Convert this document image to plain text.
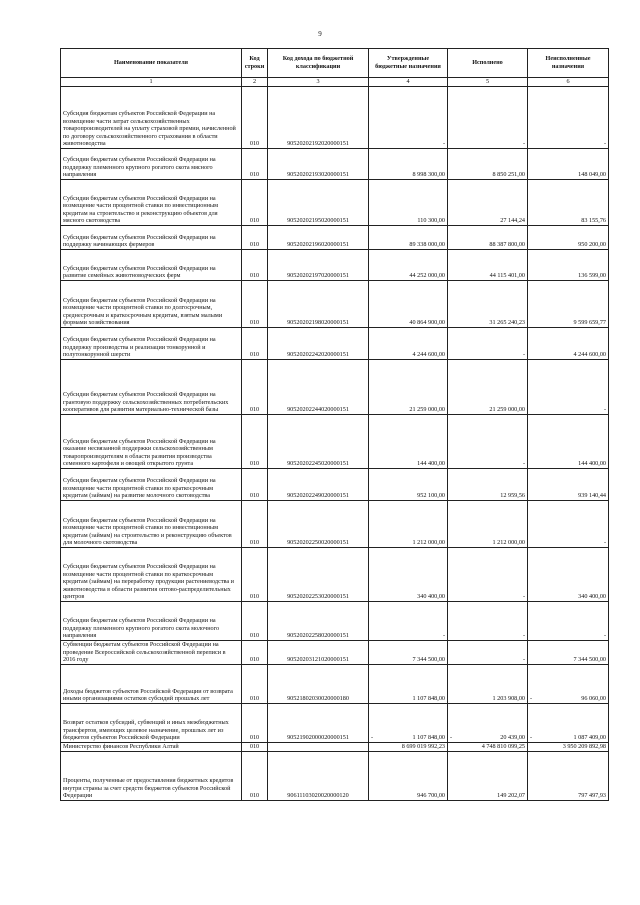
9
Наименование показателя	Код строки	Код дохода по бюджетной классификации	Утвержденные бюджетные назначения	Исполнено	Неисполненные назначения
1	2	3	4	5	6
Субсидия бюджетам субъектов Российской Федерации на возмещение части затрат сельскохозяйственных товаропроизводителей на уплату страховой премии, начисленной по договору сельскохозяйственного страхования в области животноводства	010	90520202192020000151	-	-	-
Субсидии бюджетам субъектов Российской Федерации на поддержку племенного крупного рогатого скота мясного направления	010	90520202193020000151	8 998 300,00	8 850 251,00	148 049,00
Субсидии бюджетам субъектов Российской Федерации на возмещение части процентной ставки по инвестиционным кредитам на строительство и реконструкцию объектов для мясного скотоводства	010	90520202195020000151	110 300,00	27 144,24	83 155,76
Субсидии бюджетам субъектов Российской Федерации на поддержку начинающих фермеров	010	90520202196020000151	89 338 000,00	88 387 800,00	950 200,00
Субсидии бюджетам субъектов Российской Федерации на развитие семейных животноводческих ферм	010	90520202197020000151	44 252 000,00	44 115 401,00	136 599,00
Субсидии бюджетам субъектов Российской Федерации на возмещение части процентной ставки по долгосрочным, среднесрочным и краткосрочным кредитам, взятым малыми формами хозяйствования	010	90520202198020000151	40 864 900,00	31 265 240,23	9 599 659,77
Субсидии бюджетам субъектов Российской Федерации на поддержку производства и реализации тонкорунной и полутонкорунной шерсти	010	90520202242020000151	4 244 600,00	-	4 244 600,00
Субсидии бюджетам субъектов Российской Федерации на грантовую поддержку сельскохозяйственных потребительских кооперативов для развития материально-технической базы	010	90520202244020000151	21 259 000,00	21 259 000,00	-
Субсидии бюджетам субъектов Российской Федерации на оказание несвязанной поддержки сельскохозяйственным товаропроизводителям в области развития производства семенного картофеля и овощей открытого грунта	010	90520202245020000151	144 400,00	-	144 400,00
Субсидии бюджетам субъектов Российской Федерации на возмещение части процентной ставки по краткосрочным кредитам (займам) на развитие молочного скотоводства	010	90520202249020000151	952 100,00	12 959,56	939 140,44
Субсидии бюджетам субъектов Российской Федерации на возмещение части процентной ставки по инвестиционным кредитам (займам) на строительство и реконструкцию объектов для молочного скотоводства	010	90520202250020000151	1 212 000,00	1 212 000,00	-
Субсидии бюджетам субъектов Российской Федерации на возмещение части процентной ставки по краткосрочным кредитам (займам) на переработку продукции растениеводства и животноводства в области развития оптово-распределительных центров	010	90520202253020000151	340 400,00	-	340 400,00
Субсидии бюджетам субъектов Российской Федерации на поддержку племенного крупного рогатого скота молочного направления	010	90520202258020000151	-	-	-
Субвенции бюджетам субъектов Российской Федерации на проведение Всероссийской сельскохозяйственной переписи в 2016 году	010	90520203121020000151	7 344 500,00	-	7 344 500,00
Доходы бюджетов субъектов Российской Федерации от возврата иными организациями остатков субсидий прошлых лет	010	90521802030020000180	1 107 848,00	1 203 908,00	- 96 060,00
Возврат остатков субсидий, субвенций и иных межбюджетных трансфертов, имеющих целевое назначение, прошлых лет из бюджетов субъектов Российской Федерации	010	90521902000020000151	- 1 107 848,00	- 20 439,00	- 1 087 409,00
Министерство финансов Республики Алтай	010		8 699 019 992,23	4 748 810 099,25	3 950 209 892,98
Проценты, полученные от предоставления бюджетных кредитов внутри страны за счет средств бюджетов субъектов Российской Федерации	010	90611103020020000120	946 700,00	149 202,07	797 497,93
